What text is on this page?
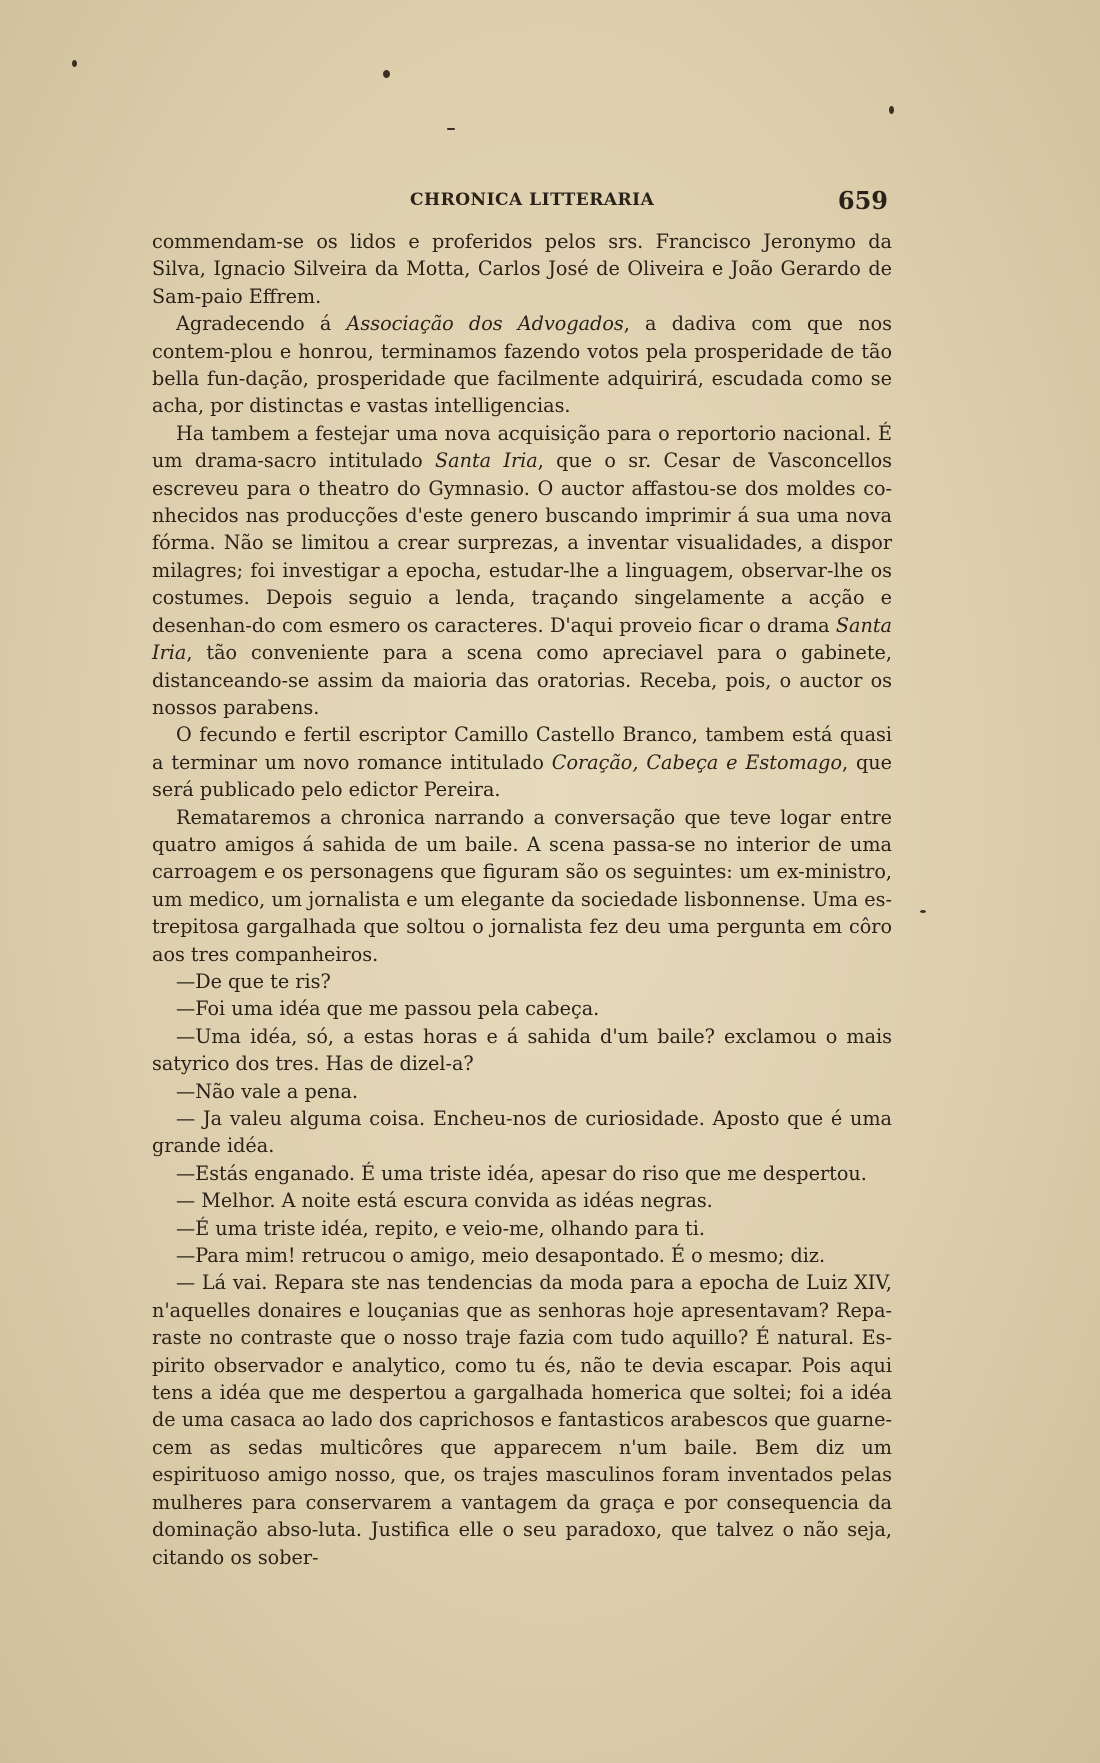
CHRONICA LITTERARIA	659

commendam-se os lidos e proferidos pelos srs. Francisco Jeronymo da Silva, Ignacio Silveira da Motta, Carlos José de Oliveira e João Gerardo de Sam-paio Effrem.

Agradecendo á Associação dos Advogados, a dadiva com que nos contem-plou e honrou, terminamos fazendo votos pela prosperidade de tão bella fun-dação, prosperidade que facilmente adquirirá, escudada como se acha, por distinctas e vastas intelligencias.

Ha tambem a festejar uma nova acquisição para o reportorio nacional. É um drama-sacro intitulado Santa Iria, que o sr. Cesar de Vasconcellos escreveu para o theatro do Gymnasio. O auctor affastou-se dos moldes co-nhecidos nas producções d'este genero buscando imprimir á sua uma nova fórma. Não se limitou a crear surprezas, a inventar visualidades, a dispor milagres; foi investigar a epocha, estudar-lhe a linguagem, observar-lhe os costumes. Depois seguio a lenda, traçando singelamente a acção e desenhan-do com esmero os caracteres. D'aqui proveio ficar o drama Santa Iria, tão conveniente para a scena como apreciavel para o gabinete, distanceando-se assim da maioria das oratorias. Receba, pois, o auctor os nossos parabens.

O fecundo e fertil escriptor Camillo Castello Branco, tambem está quasi a terminar um novo romance intitulado Coração, Cabeça e Estomago, que será publicado pelo edictor Pereira.

Remataremos a chronica narrando a conversação que teve logar entre quatro amigos á sahida de um baile. A scena passa-se no interior de uma carroagem e os personagens que figuram são os seguintes: um ex-ministro, um medico, um jornalista e um elegante da sociedade lisbonnense. Uma es-trepitosa gargalhada que soltou o jornalista fez deu uma pergunta em côro aos tres companheiros.

—De que te ris?

—Foi uma idéa que me passou pela cabeça.

—Uma idéa, só, a estas horas e á sahida d'um baile? exclamou o mais satyrico dos tres. Has de dizel-a?

—Não vale a pena.

— Ja valeu alguma coisa. Encheu-nos de curiosidade. Aposto que é uma grande idéa.

—Estás enganado. É uma triste idéa, apesar do riso que me despertou.

— Melhor. A noite está escura convida as idéas negras.

—É uma triste idéa, repito, e veio-me, olhando para ti.

—Para mim! retrucou o amigo, meio desapontado. É o mesmo; diz.

— Lá vai. Repara ste nas tendencias da moda para a epocha de Luiz XIV, n'aquelles donaires e louçanias que as senhoras hoje apresentavam? Repa-raste no contraste que o nosso traje fazia com tudo aquillo? É natural. Es-pirito observador e analytico, como tu és, não te devia escapar. Pois aqui tens a idéa que me despertou a gargalhada homerica que soltei; foi a idéa de uma casaca ao lado dos caprichosos e fantasticos arabescos que guarne-cem as sedas multicôres que apparecem n'um baile. Bem diz um espirituoso amigo nosso, que, os trajes masculinos foram inventados pelas mulheres para conservarem a vantagem da graça e por consequencia da dominação abso-luta. Justifica elle o seu paradoxo, que talvez o não seja, citando os sober-
